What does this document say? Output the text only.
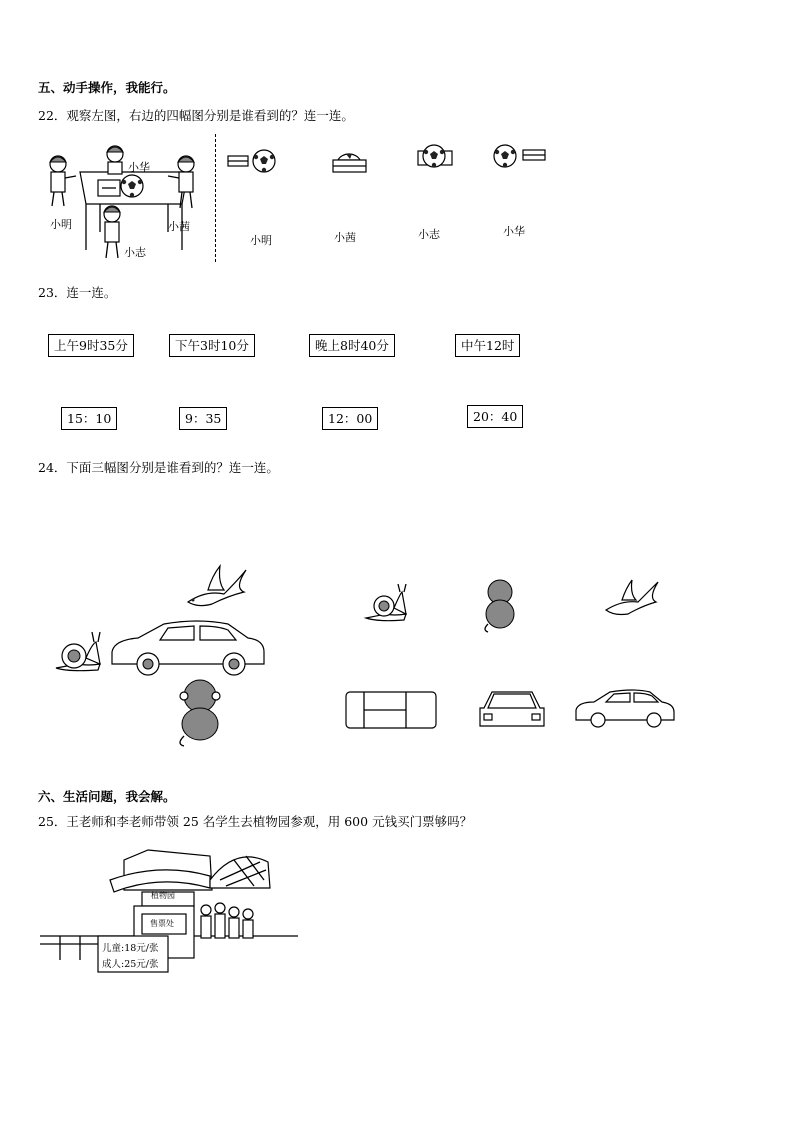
五、动手操作，我能行。
22．观察左图，右边的四幅图分别是谁看到的？连一连。
小华
小明	小茜
小志
小明	小茜	小志	小华
23．连一连。
上午9时35分	下午3时10分	晚上8时40分	中午12时
15：10	9：35	12：00	20：40
24．下面三幅图分别是谁看到的？连一连。
六、生活问题，我会解。
25．王老师和李老师带领 25 名学生去植物园参观，用 600 元钱买门票够吗？
植物园
售票处
儿童:18元/张
成人:25元/张
